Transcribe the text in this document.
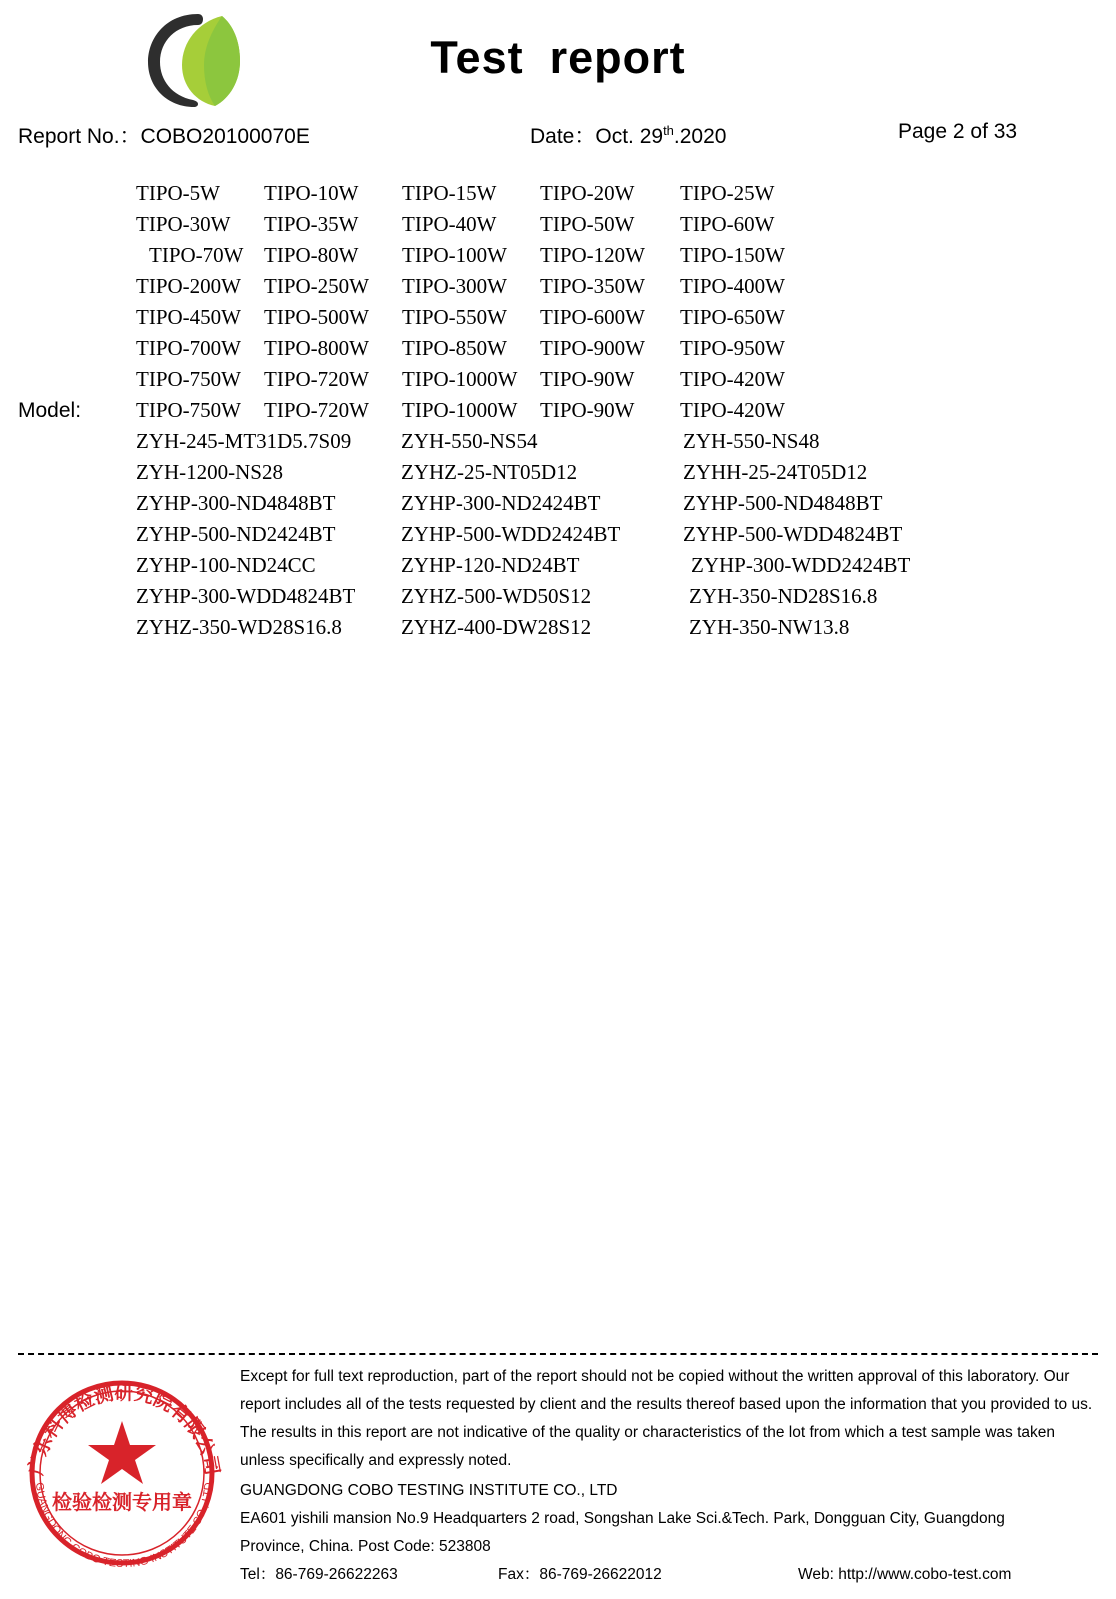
Test report
Report No.：COBO20100070E	Date：Oct. 29th.2020	Page 2 of 33
Model:
TIPO-5W	TIPO-10W	TIPO-15W	TIPO-20W	TIPO-25W
TIPO-30W	TIPO-35W	TIPO-40W	TIPO-50W	TIPO-60W
TIPO-70W TIPO-80W	TIPO-100W	TIPO-120W	TIPO-150W
TIPO-200W	TIPO-250W	TIPO-300W	TIPO-350W	TIPO-400W
TIPO-450W	TIPO-500W	TIPO-550W	TIPO-600W	TIPO-650W
TIPO-700W	TIPO-800W	TIPO-850W	TIPO-900W	TIPO-950W
TIPO-750W	TIPO-720W	TIPO-1000W	TIPO-90W	TIPO-420W
TIPO-750W	TIPO-720W	TIPO-1000W	TIPO-90W	TIPO-420W
ZYH-245-MT31D5.7S09	ZYH-550-NS54	ZYH-550-NS48
ZYH-1200-NS28	ZYHZ-25-NT05D12	ZYHH-25-24T05D12
ZYHP-300-ND4848BT	ZYHP-300-ND2424BT	ZYHP-500-ND4848BT
ZYHP-500-ND2424BT	ZYHP-500-WDD2424BT	ZYHP-500-WDD4824BT
ZYHP-100-ND24CC	ZYHP-120-ND24BT	ZYHP-300-WDD2424BT
ZYHP-300-WDD4824BT	ZYHZ-500-WD50S12	ZYH-350-ND28S16.8
ZYHZ-350-WD28S16.8	ZYHZ-400-DW28S12	ZYH-350-NW13.8
广东科博检测研究院有限公司
检验检测专用章
GUANGDONG COBO TESTING INSTITUTE CO., LTD

Except for full text reproduction, part of the report should not be copied without the written approval of this laboratory. Our

report includes all of the tests requested by client and the results thereof based upon the information that you provided to us.

The results in this report are not indicative of the quality or characteristics of the lot from which a test sample was taken

unless specifically and expressly noted.

GUANGDONG COBO TESTING INSTITUTE CO., LTD

EA601 yishili mansion No.9 Headquarters 2 road, Songshan Lake Sci.&Tech. Park, Dongguan City, Guangdong

Province, China. Post Code: 523808

Tel：86-769-26622263	Fax：86-769-26622012	Web: http://www.cobo-test.com
